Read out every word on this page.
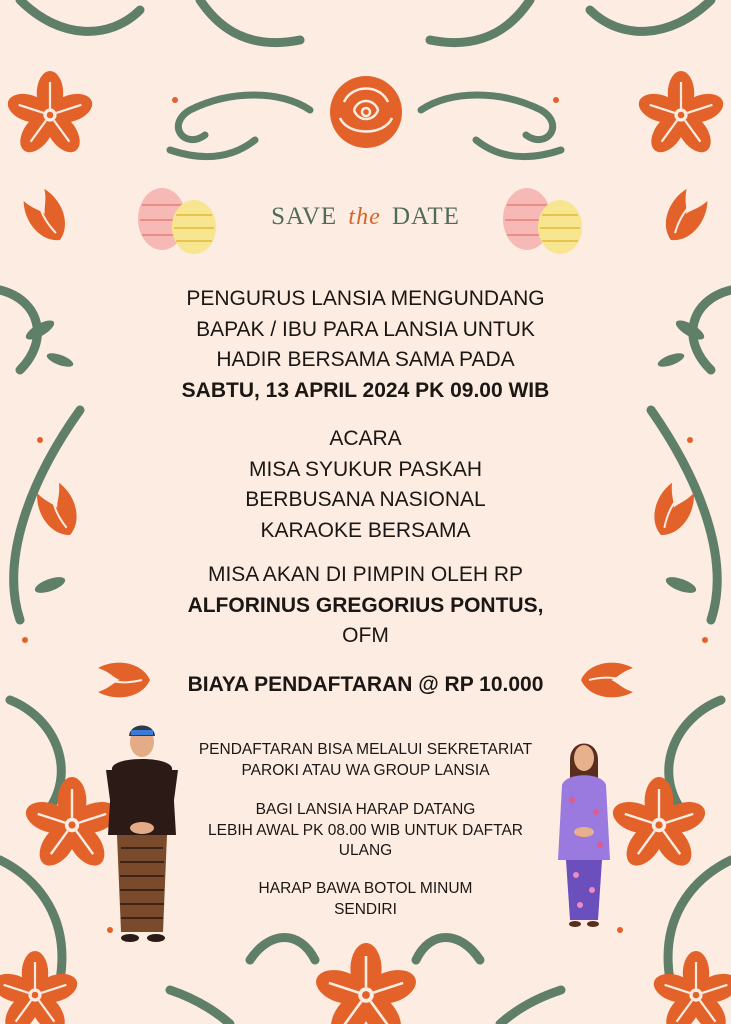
SAVE the DATE
PENGURUS LANSIA MENGUNDANG
BAPAK / IBU PARA LANSIA UNTUK
HADIR BERSAMA SAMA PADA
SABTU, 13 APRIL 2024 PK 09.00 WIB
ACARA
MISA SYUKUR PASKAH
BERBUSANA NASIONAL
KARAOKE BERSAMA
MISA AKAN DI PIMPIN OLEH RP
ALFORINUS GREGORIUS PONTUS,
OFM
BIAYA PENDAFTARAN @ RP 10.000
PENDAFTARAN BISA MELALUI SEKRETARIAT
PAROKI ATAU WA GROUP LANSIA
BAGI LANSIA HARAP DATANG
LEBIH AWAL PK 08.00 WIB UNTUK DAFTAR
ULANG
HARAP BAWA BOTOL MINUM
SENDIRI
